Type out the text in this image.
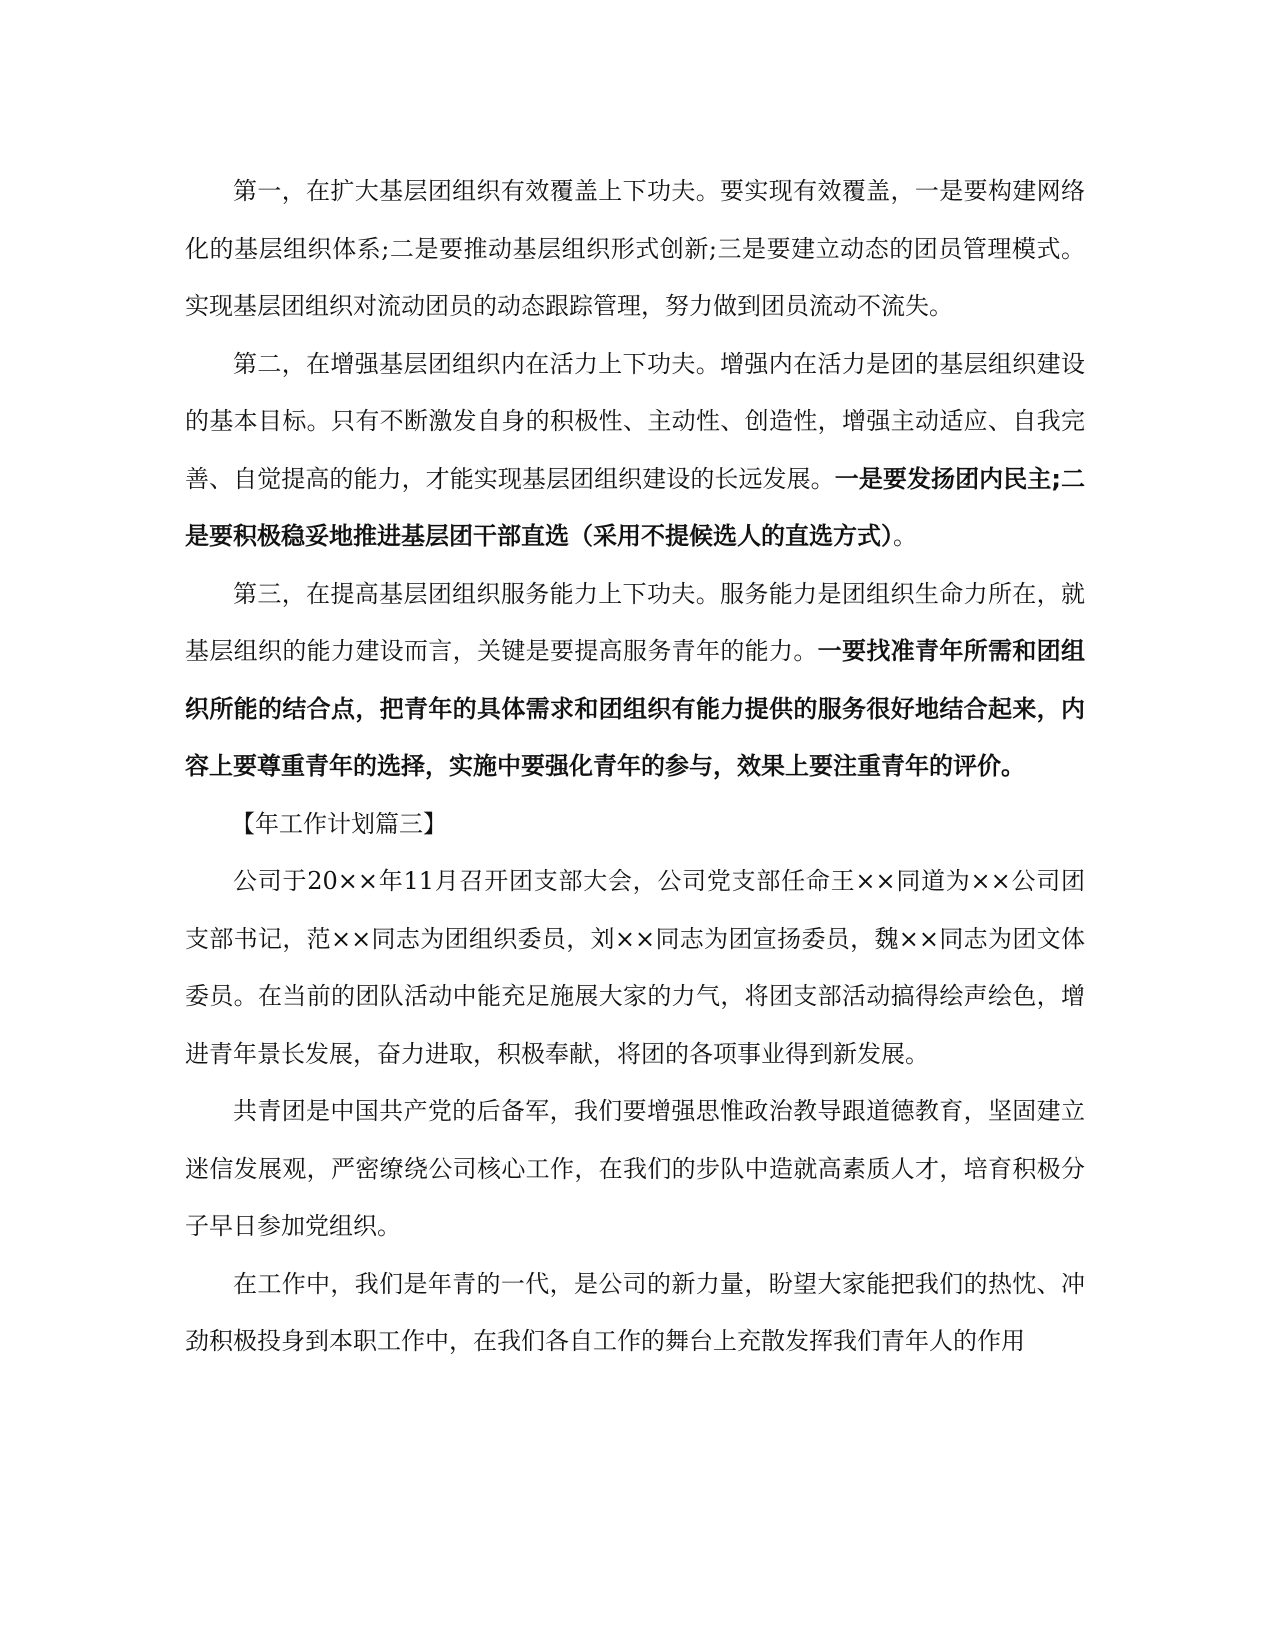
第一，在扩大基层团组织有效覆盖上下功夫。要实现有效覆盖，一是要构建网络化的基层组织体系;二是要推动基层组织形式创新;三是要建立动态的团员管理模式。实现基层团组织对流动团员的动态跟踪管理，努力做到团员流动不流失。

第二，在增强基层团组织内在活力上下功夫。增强内在活力是团的基层组织建设的基本目标。只有不断激发自身的积极性、主动性、创造性，增强主动适应、自我完善、自觉提高的能力，才能实现基层团组织建设的长远发展。一是要发扬团内民主;二是要积极稳妥地推进基层团干部直选（采用不提候选人的直选方式）。

第三，在提高基层团组织服务能力上下功夫。服务能力是团组织生命力所在，就基层组织的能力建设而言，关键是要提高服务青年的能力。一要找准青年所需和团组织所能的结合点，把青年的具体需求和团组织有能力提供的服务很好地结合起来，内容上要尊重青年的选择，实施中要强化青年的参与，效果上要注重青年的评价。

【年工作计划篇三】

公司于20××年11月召开团支部大会，公司党支部任命王××同道为××公司团支部书记，范××同志为团组织委员，刘××同志为团宣扬委员，魏××同志为团文体委员。在当前的团队活动中能充足施展大家的力气，将团支部活动搞得绘声绘色，增进青年景长发展，奋力进取，积极奉献，将团的各项事业得到新发展。

共青团是中国共产党的后备军，我们要增强思惟政治教导跟道德教育，坚固建立迷信发展观，严密缭绕公司核心工作，在我们的步队中造就高素质人才，培育积极分子早日参加党组织。

在工作中，我们是年青的一代，是公司的新力量，盼望大家能把我们的热忱、冲劲积极投身到本职工作中，在我们各自工作的舞台上充散发挥我们青年人的作用
